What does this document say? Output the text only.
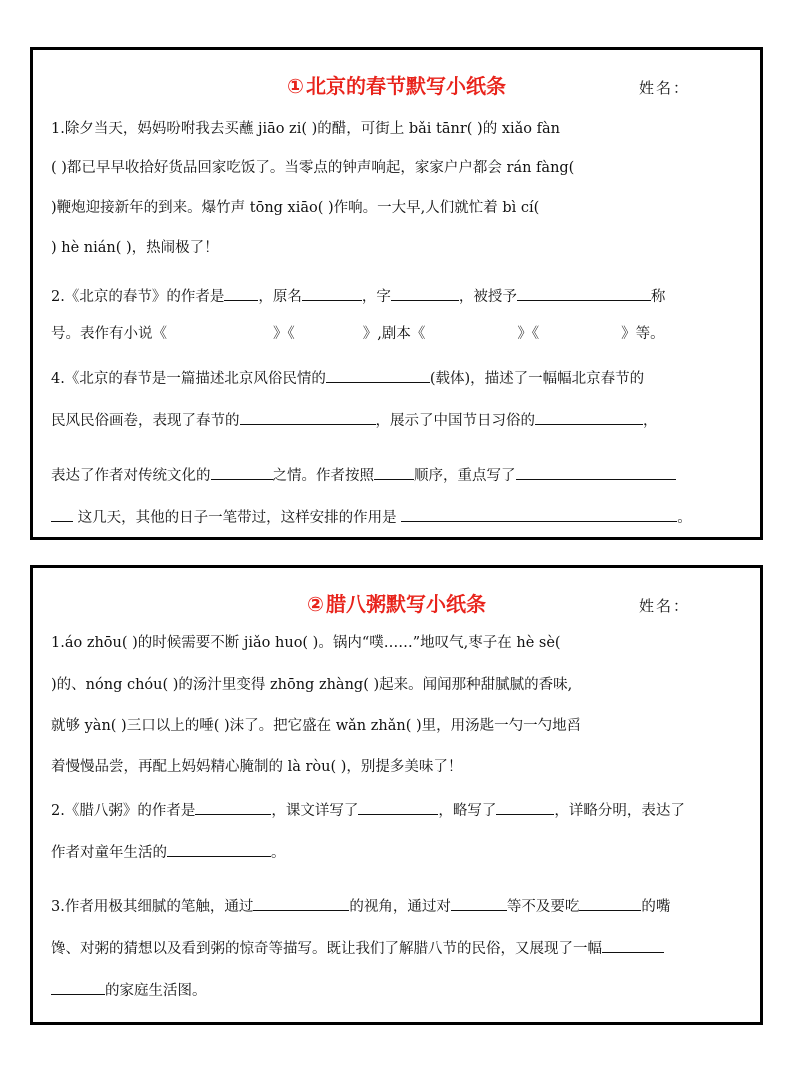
① 北京的春节默写小纸条	姓名：
1.除夕当天，妈妈吩咐我去买蘸 jiāo zi( )的醋，可街上 bǎi tānr( )的 xiǎo fàn
( )都已早早收拾好货品回家吃饭了。当零点的钟声响起，家家户户都会 rán fàng(
)鞭炮迎接新年的到来。爆竹声 tōng xiāo( )作响。一大早,人们就忙着 bì cí(
) hè nián( )，热闹极了！
2.《北京的春节》的作者是 ，原名	，字	，被授予	称
号。表作有小说《	》《	》,剧本《	》《	》等。
4.《北京的春节是一篇描述北京风俗民情的	(载体)，描述了一幅幅北京春节的
民风民俗画卷，表现了春节的	，展示了中国节日习俗的	，
表达了作者对传统文化的	之情。作者按照	顺序，重点写了
这几天，其他的日子一笔带过，这样安排的作用是	。
② 腊八粥默写小纸条	姓名：
1.áo zhōu( )的时候需要不断 jiǎo huo( )。锅内“噗……”地叹气,枣子在 hè sè(
)的、nóng chóu( )的汤汁里变得 zhōng zhàng( )起来。闻闻那种甜腻腻的香味,
就够 yàn( )三口以上的唾( )沫了。把它盛在 wǎn zhǎn( )里，用汤匙一勺一勺地舀
着慢慢品尝，再配上妈妈精心腌制的 là ròu( )，别提多美味了！
2.《腊八粥》的作者是	，课文详写了	，略写了	，详略分明，表达了
作者对童年生活的	。
3.作者用极其细腻的笔触，通过	的视角，通过对	等不及要吃	的嘴
馋、对粥的猜想以及看到粥的惊奇等描写。既让我们了解腊八节的民俗，又展现了一幅
的家庭生活图。
